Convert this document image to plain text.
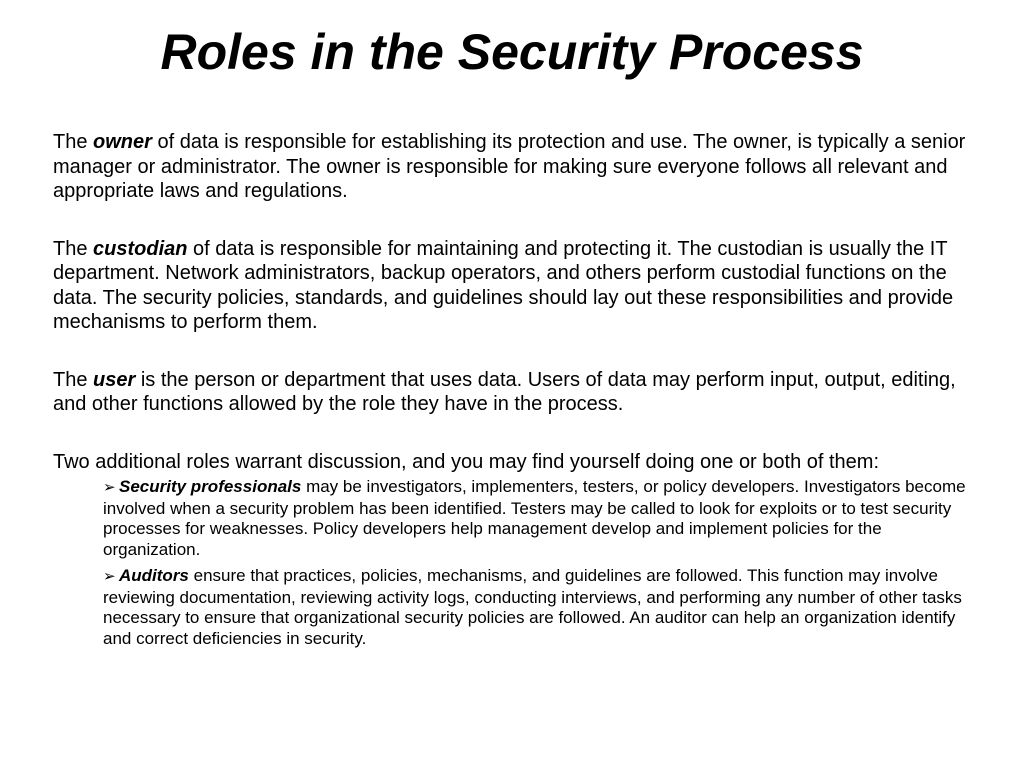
Roles in the Security Process

The owner of data is responsible for establishing its protection and use. The owner, is typically a senior manager or administrator. The owner is responsible for making sure everyone follows all relevant and appropriate laws and regulations.

The custodian of data is responsible for maintaining and protecting it. The custodian is usually the IT department. Network administrators, backup operators, and others perform custodial functions on the data. The security policies, standards, and guidelines should lay out these responsibilities and provide mechanisms to perform them.

The user is the person or department that uses data. Users of data may perform input, output, editing, and other functions allowed by the role they have in the process.

Two additional roles warrant discussion, and you may find yourself doing one or both of them:

➢ Security professionals may be investigators, implementers, testers, or policy developers. Investigators become involved when a security problem has been identified. Testers may be called to look for exploits or to test security processes for weaknesses. Policy developers help management develop and implement policies for the organization.
➢ Auditors ensure that practices, policies, mechanisms, and guidelines are followed. This function may involve reviewing documentation, reviewing activity logs, conducting interviews, and performing any number of other tasks necessary to ensure that organizational security policies are followed. An auditor can help an organization identify and correct deficiencies in security.
